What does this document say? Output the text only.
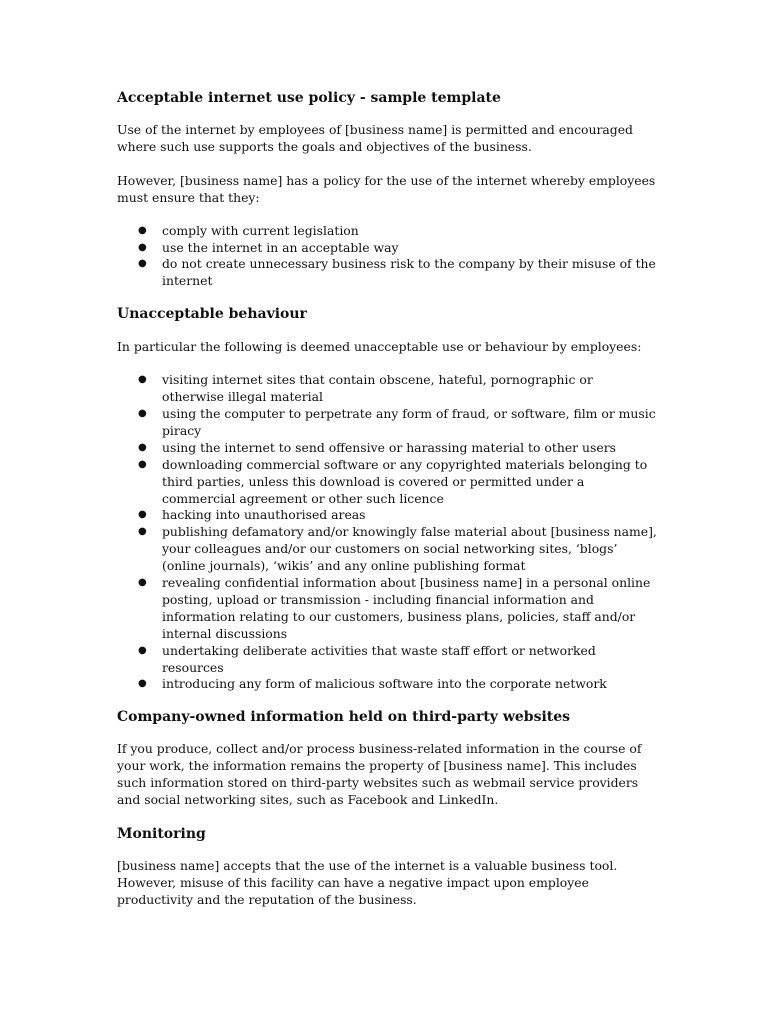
Acceptable internet use policy - sample template

Use of the internet by employees of [business name] is permitted and encouraged where such use supports the goals and objectives of the business.

However, [business name] has a policy for the use of the internet whereby employees must ensure that they:

● comply with current legislation
● use the internet in an acceptable way
● do not create unnecessary business risk to the company by their misuse of the internet
Unacceptable behaviour

In particular the following is deemed unacceptable use or behaviour by employees:

● visiting internet sites that contain obscene, hateful, pornographic or otherwise illegal material
● using the computer to perpetrate any form of fraud, or software, film or music piracy
● using the internet to send offensive or harassing material to other users
● downloading commercial software or any copyrighted materials belonging to third parties, unless this download is covered or permitted under a commercial agreement or other such licence
● hacking into unauthorised areas
● publishing defamatory and/or knowingly false material about [business name], your colleagues and/or our customers on social networking sites, ‘blogs’ (online journals), ‘wikis’ and any online publishing format
● revealing confidential information about [business name] in a personal online posting, upload or transmission - including financial information and information relating to our customers, business plans, policies, staff and/or internal discussions
● undertaking deliberate activities that waste staff effort or networked resources
● introducing any form of malicious software into the corporate network
Company-owned information held on third-party websites

If you produce, collect and/or process business-related information in the course of your work, the information remains the property of [business name]. This includes such information stored on third-party websites such as webmail service providers and social networking sites, such as Facebook and LinkedIn.

Monitoring

[business name] accepts that the use of the internet is a valuable business tool. However, misuse of this facility can have a negative impact upon employee productivity and the reputation of the business.
